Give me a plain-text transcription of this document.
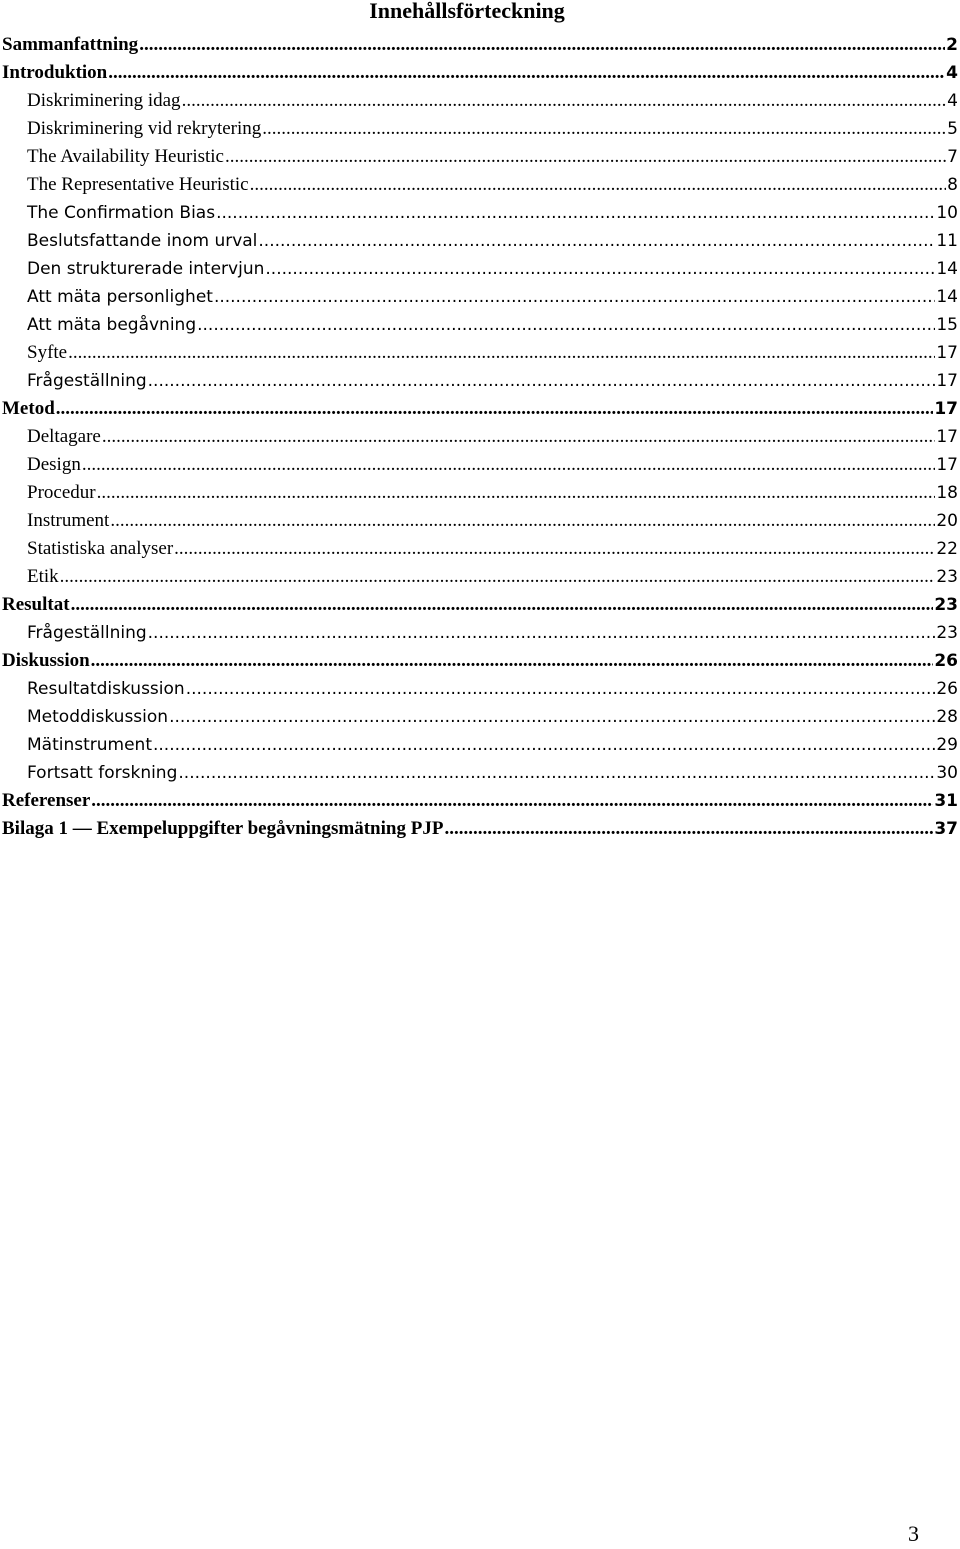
Innehållsförteckning
Sammanfattning .....	2
Introduktion .....	4
Diskriminering idag .....	4
Diskriminering vid rekrytering .....	5
The Availability Heuristic .....	7
The Representative Heuristic .....	8
The Confirmation Bias .....	10
Beslutsfattande inom urval .....	11
Den strukturerade intervjun .....	14
Att mäta personlighet .....	14
Att mäta begåvning .....	15
Syfte .....	17
Frågeställning .....	17
Metod .....	17
Deltagare .....	17
Design .....	17
Procedur .....	18
Instrument .....	20
Statistiska analyser .....	22
Etik .....	23
Resultat .....	23
Frågeställning .....	23
Diskussion .....	26
Resultatdiskussion .....	26
Metoddiskussion .....	28
Mätinstrument .....	29
Fortsatt forskning .....	30
Referenser .....	31
Bilaga 1 — Exempeluppgifter begåvningsmätning PJP .....	37
3
